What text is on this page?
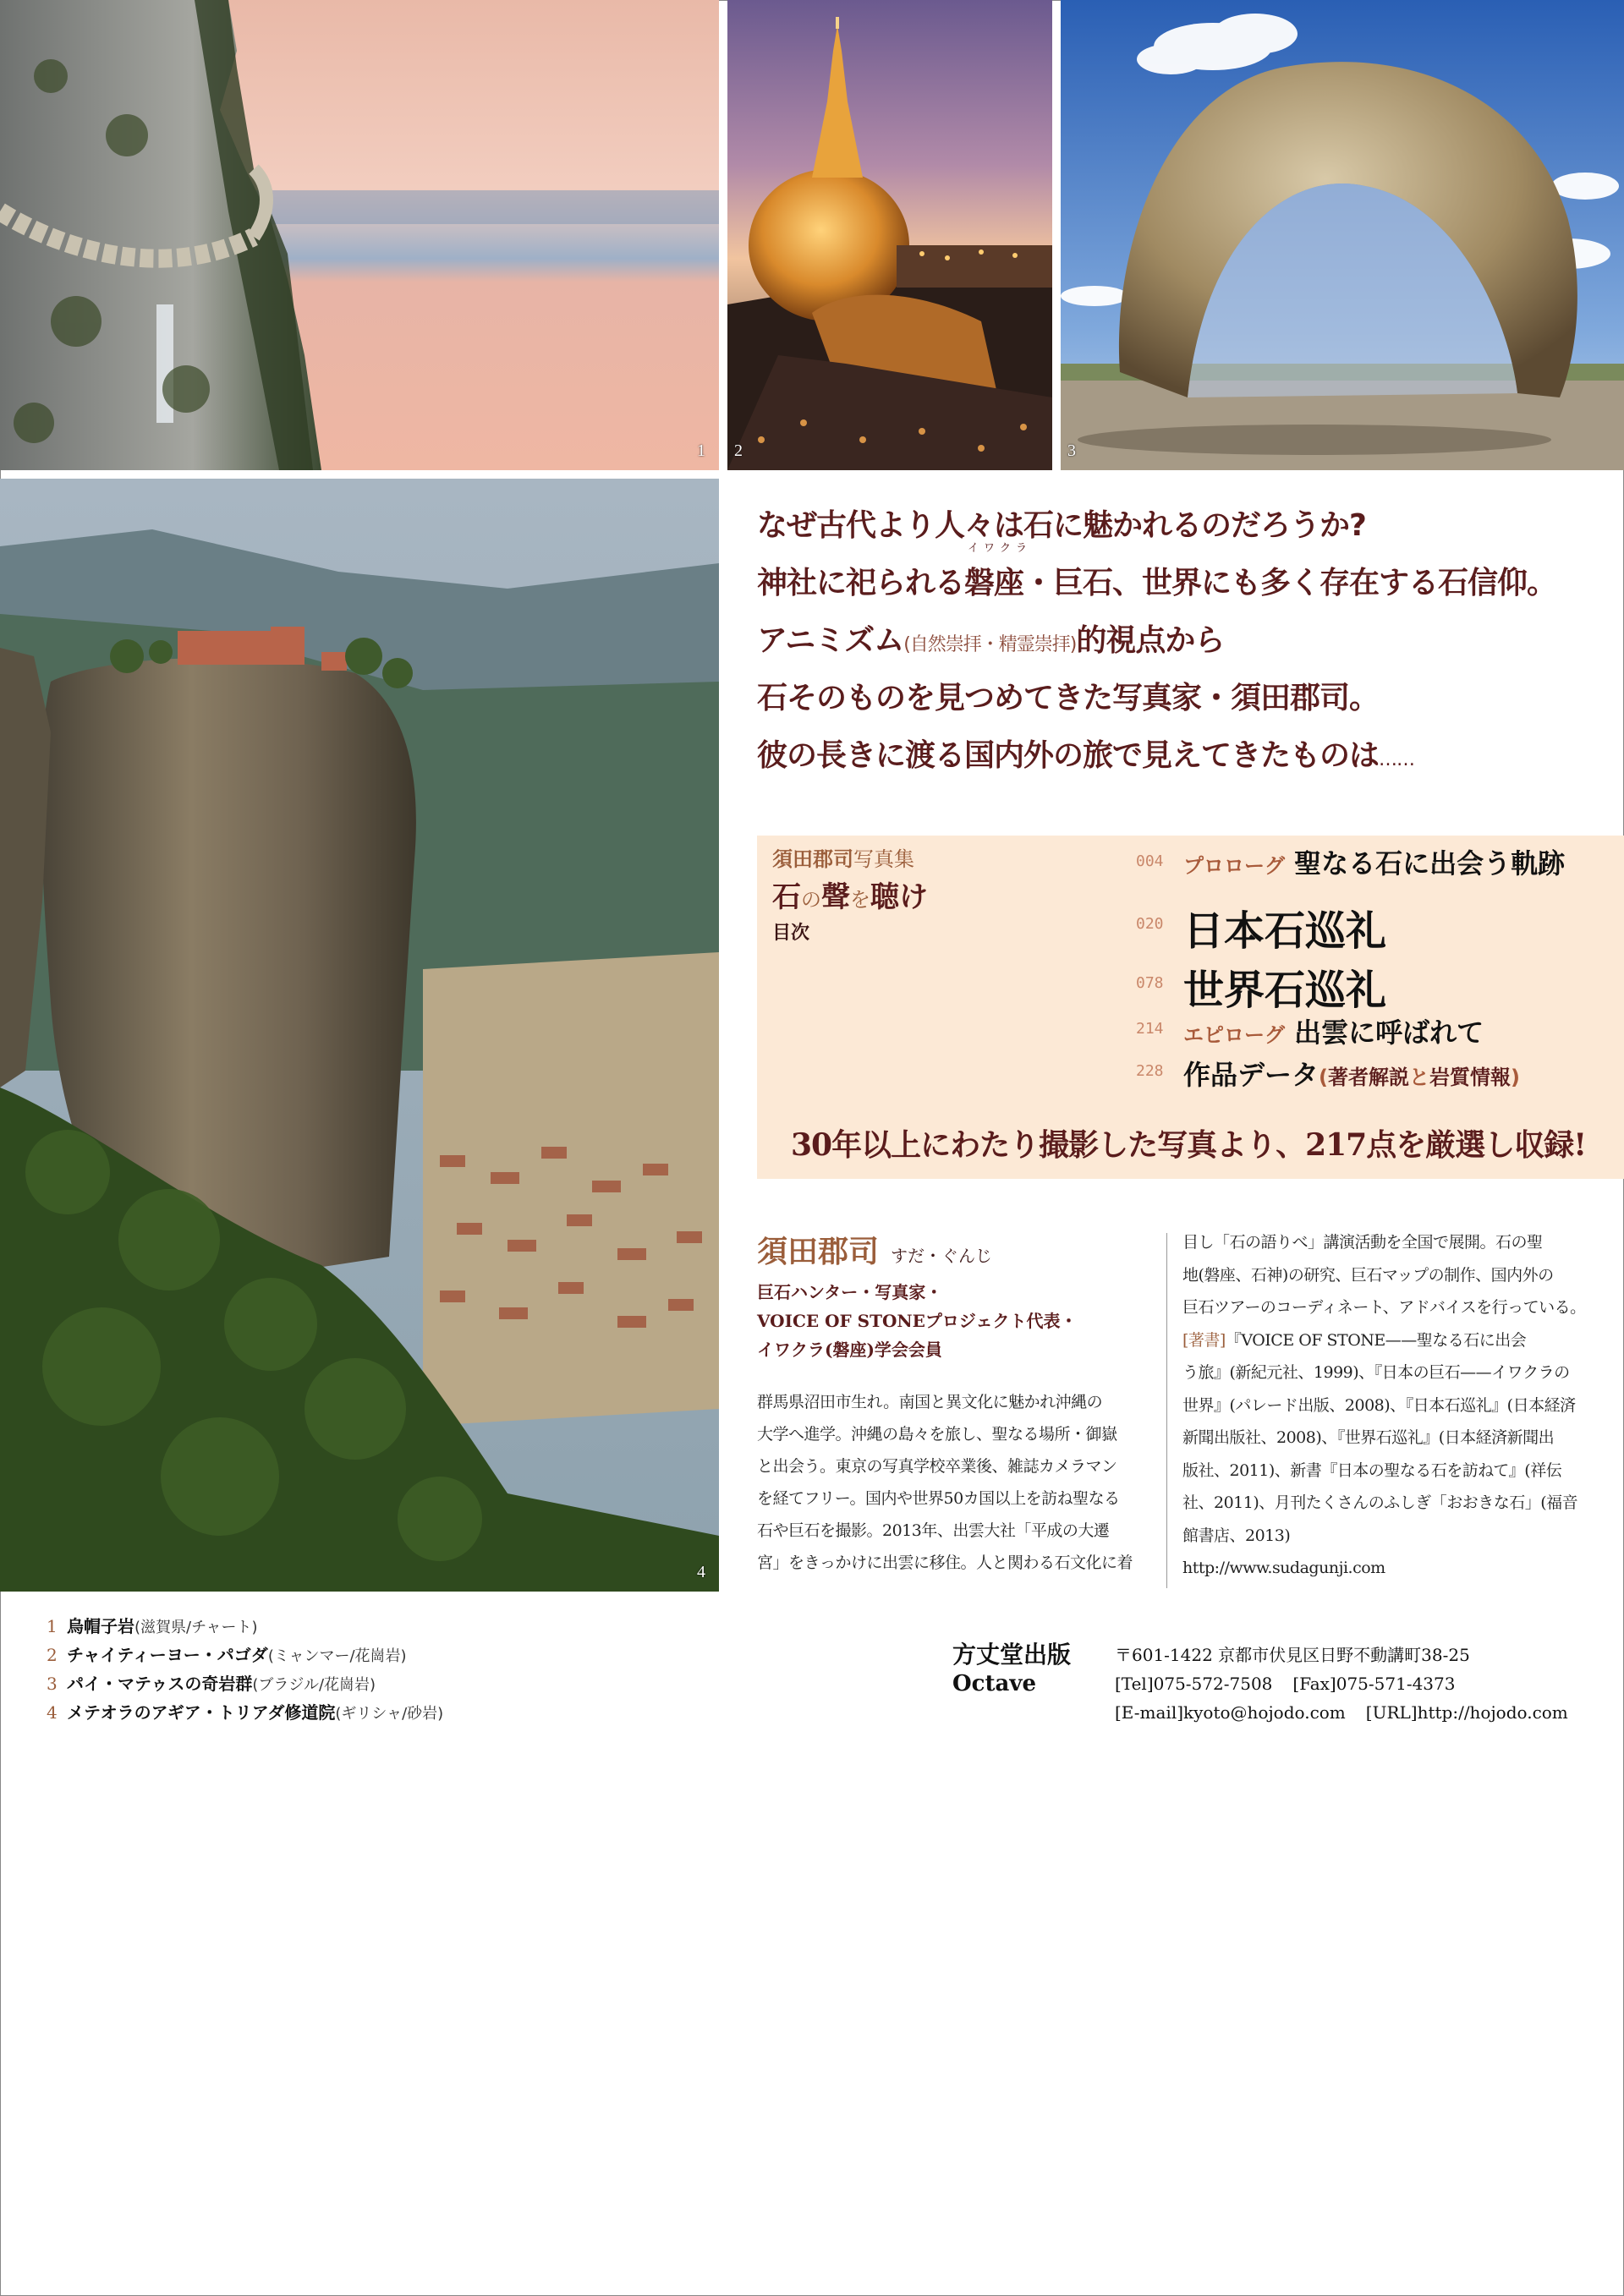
1 2	3
4
なぜ古代より人々は石に魅かれるのだろうか?
神社に祀られる
イワクラ
磐座・巨石、世界にも多く存在する石信仰。
アニミズム(自然崇拝・精霊崇拝)的視点から
石そのものを見つめてきた写真家・須田郡司。
彼の長きに渡る国内外の旅で見えてきたものは……
須田郡司写真集
石の聲を聴け
目次
004 プロローグ 聖なる石に出会う軌跡
020 日本石巡礼
078 世界石巡礼
214 エピローグ 出雲に呼ばれて
228 作品データ(著者解説と岩質情報)
30年以上にわたり撮影した写真より、217点を厳選し収録!
須田郡司 すだ・ぐんじ
巨石ハンター・写真家・
VOICE OF STONEプロジェクト代表・
イワクラ(磐座)学会会員
群馬県沼田市生れ。南国と異文化に魅かれ沖縄の
大学へ進学。沖縄の島々を旅し、聖なる場所・御嶽
と出会う。東京の写真学校卒業後、雑誌カメラマン
を経てフリー。国内や世界50カ国以上を訪ね聖なる
石や巨石を撮影。2013年、出雲大社「平成の大遷
宮」をきっかけに出雲に移住。人と関わる石文化に着
目し「石の語りべ」講演活動を全国で展開。石の聖
地(磐座、石神)の研究、巨石マップの制作、国内外の
巨石ツアーのコーディネート、アドバイスを行っている。
[著書]『VOICE OF STONE——聖なる石に出会
う旅』(新紀元社、1999)、『日本の巨石——イワクラの
世界』(パレード出版、2008)、『日本石巡礼』(日本経済
新聞出版社、2008)、『世界石巡礼』(日本経済新聞出
版社、2011)、新書『日本の聖なる石を訪ねて』(祥伝
社、2011)、月刊たくさんのふしぎ「おおきな石」(福音
館書店、2013)
http://www.sudagunji.com
1 烏帽子岩(滋賀県/チャート)
2 チャイティーヨー・パゴダ(ミャンマー/花崗岩)
3 パイ・マテゥスの奇岩群(ブラジル/花崗岩)
4 メテオラのアギア・トリアダ修道院(ギリシャ/砂岩)
方丈堂出版
Octave
〒601-1422 京都市伏見区日野不動講町38-25
[Tel]075-572-7508 [Fax]075-571-4373
[E-mail]kyoto@hojodo.com [URL]http://hojodo.com
